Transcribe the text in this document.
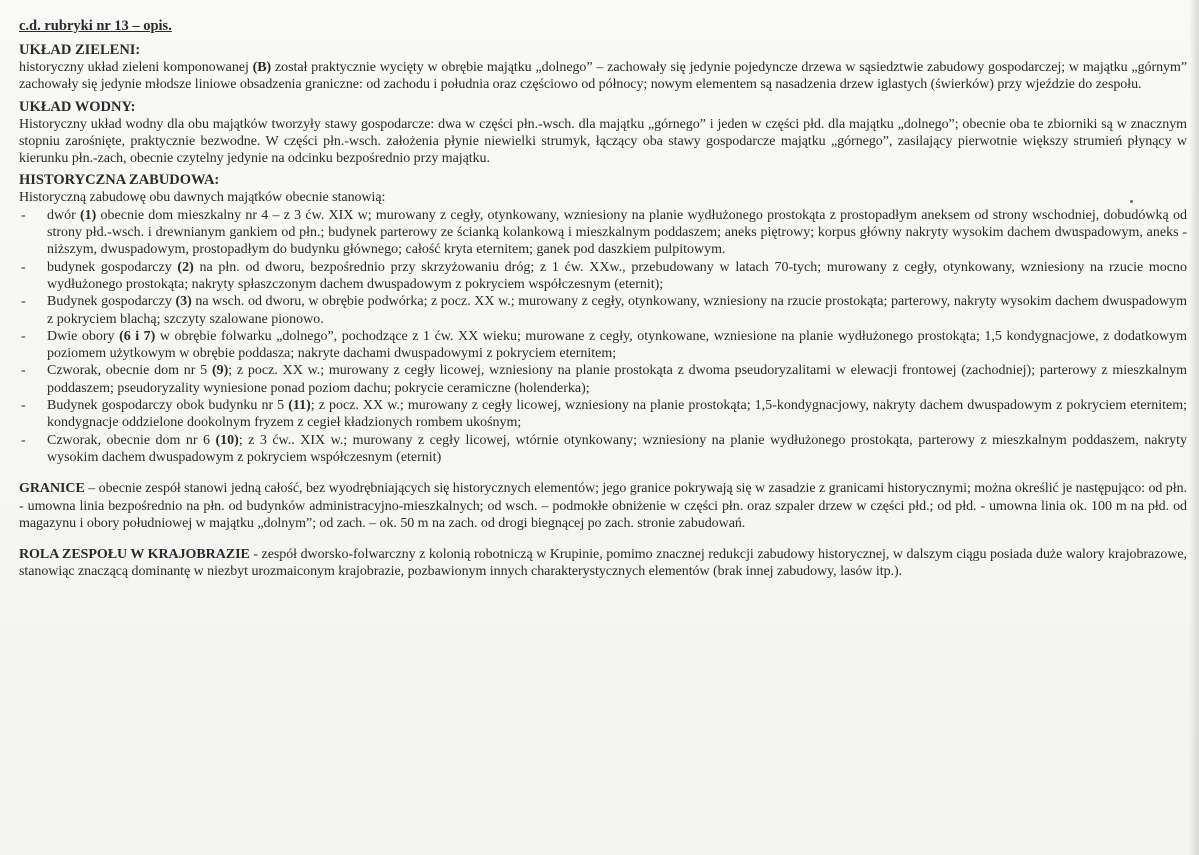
c.d. rubryki nr 13 – opis.
UKŁAD ZIELENI:

historyczny układ zieleni komponowanej (B) został praktycznie wycięty w obrębie majątku „dolnego” – zachowały się jedynie pojedyncze drzewa w sąsiedztwie zabudowy gospodarczej; w majątku „górnym” zachowały się jedynie młodsze liniowe obsadzenia graniczne: od zachodu i południa oraz częściowo od północy; nowym elementem są nasadzenia drzew iglastych (świerków) przy wjeździe do zespołu.

UKŁAD WODNY:

Historyczny układ wodny dla obu majątków tworzyły stawy gospodarcze: dwa w części płn.-wsch. dla majątku „górnego” i jeden w części płd. dla majątku „dolnego”; obecnie oba te zbiorniki są w znacznym stopniu zarośnięte, praktycznie bezwodne. W części płn.-wsch. założenia płynie niewielki strumyk, łączący oba stawy gospodarcze majątku „górnego”, zasilający pierwotnie większy strumień płynący w kierunku płn.-zach, obecnie czytelny jedynie na odcinku bezpośrednio przy majątku.

HISTORYCZNA ZABUDOWA:

Historyczną zabudowę obu dawnych majątków obecnie stanowią:

- dwór (1) obecnie dom mieszkalny nr 4 – z 3 ćw. XIX w; murowany z cegły, otynkowany, wzniesiony na planie wydłużonego prostokąta z prostopadłym aneksem od strony wschodniej, dobudówką od strony płd.-wsch. i drewnianym gankiem od płn.; budynek parterowy ze ścianką kolankową i mieszkalnym poddaszem; aneks piętrowy; korpus główny nakryty wysokim dachem dwuspadowym, aneks - niższym, dwuspadowym, prostopadłym do budynku głównego; całość kryta eternitem; ganek pod daszkiem pulpitowym.
- budynek gospodarczy (2) na płn. od dworu, bezpośrednio przy skrzyżowaniu dróg; z 1 ćw. XXw., przebudowany w latach 70-tych; murowany z cegły, otynkowany, wzniesiony na rzucie mocno wydłużonego prostokąta; nakryty spłaszczonym dachem dwuspadowym z pokryciem współczesnym (eternit);
- Budynek gospodarczy (3) na wsch. od dworu, w obrębie podwórka; z pocz. XX w.; murowany z cegły, otynkowany, wzniesiony na rzucie prostokąta; parterowy, nakryty wysokim dachem dwuspadowym z pokryciem blachą; szczyty szalowane pionowo.
- Dwie obory (6 i 7) w obrębie folwarku „dolnego”, pochodzące z 1 ćw. XX wieku; murowane z cegły, otynkowane, wzniesione na planie wydłużonego prostokąta; 1,5 kondygnacjowe, z dodatkowym poziomem użytkowym w obrębie poddasza; nakryte dachami dwuspadowymi z pokryciem eternitem;
- Czworak, obecnie dom nr 5 (9); z pocz. XX w.; murowany z cegły licowej, wzniesiony na planie prostokąta z dwoma pseudoryzalitami w elewacji frontowej (zachodniej); parterowy z mieszkalnym poddaszem; pseudoryzality wyniesione ponad poziom dachu; pokrycie ceramiczne (holenderka);
- Budynek gospodarczy obok budynku nr 5 (11); z pocz. XX w.; murowany z cegły licowej, wzniesiony na planie prostokąta; 1,5-kondygnacjowy, nakryty dachem dwuspadowym z pokryciem eternitem; kondygnacje oddzielone dookolnym fryzem z cegieł kładzionych rombem ukośnym;
- Czworak, obecnie dom nr 6 (10); z 3 ćw.. XIX w.; murowany z cegły licowej, wtórnie otynkowany; wzniesiony na planie wydłużonego prostokąta, parterowy z mieszkalnym poddaszem, nakryty wysokim dachem dwuspadowym z pokryciem współczesnym (eternit)

GRANICE – obecnie zespół stanowi jedną całość, bez wyodrębniających się historycznych elementów; jego granice pokrywają się w zasadzie z granicami historycznymi; można określić je następująco: od płn. - umowna linia bezpośrednio na płn. od budynków administracyjno-mieszkalnych; od wsch. – podmokłe obniżenie w części płn. oraz szpaler drzew w części płd.; od płd. - umowna linia ok. 100 m na płd. od magazynu i obory południowej w majątku „dolnym”; od zach. – ok. 50 m na zach. od drogi biegnącej po zach. stronie zabudowań.

ROLA ZESPOŁU W KRAJOBRAZIE - zespół dworsko-folwarczny z kolonią robotniczą w Krupinie, pomimo znacznej redukcji zabudowy historycznej, w dalszym ciągu posiada duże walory krajobrazowe, stanowiąc znaczącą dominantę w niezbyt urozmaiconym krajobrazie, pozbawionym innych charakterystycznych elementów (brak innej zabudowy, lasów itp.).
